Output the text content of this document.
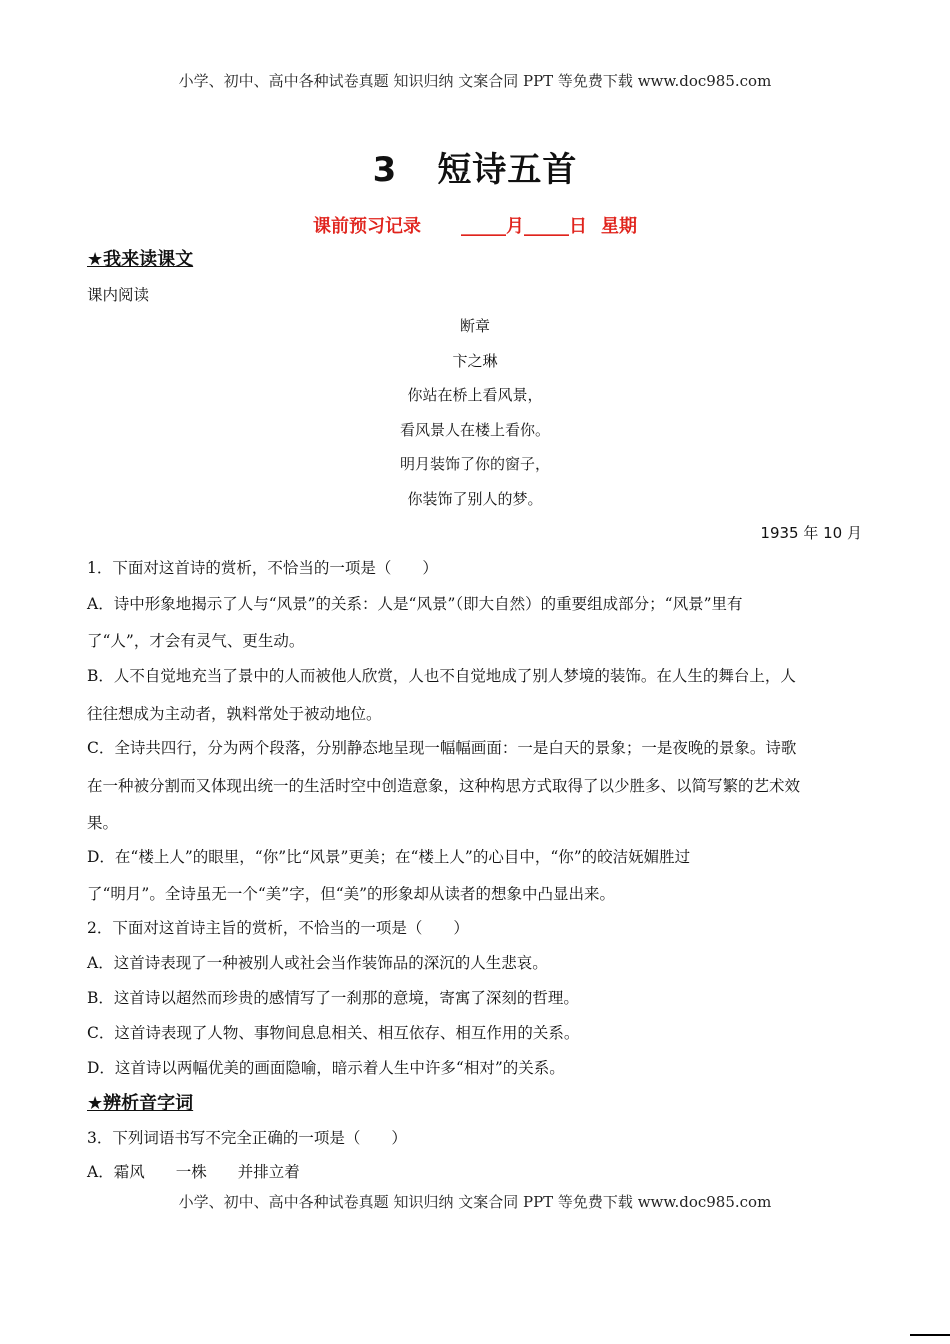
小学、初中、高中各种试卷真题 知识归纳 文案合同 PPT 等免费下载 www.doc985.com
3 短诗五首
课前预习记录 _____月_____日 星期
★我来读课文
课内阅读
断章
卞之琳
你站在桥上看风景，
看风景人在楼上看你。
明月装饰了你的窗子，
你装饰了别人的梦。
1935 年 10 月
1．下面对这首诗的赏析，不恰当的一项是（　　）
A．诗中形象地揭示了人与“风景”的关系：人是“风景”（即大自然）的重要组成部分；“风景”里有
了“人”，才会有灵气、更生动。
B．人不自觉地充当了景中的人而被他人欣赏，人也不自觉地成了别人梦境的装饰。在人生的舞台上，人
往往想成为主动者，孰料常处于被动地位。
C．全诗共四行，分为两个段落，分别静态地呈现一幅幅画面：一是白天的景象；一是夜晚的景象。诗歌
在一种被分割而又体现出统一的生活时空中创造意象，这种构思方式取得了以少胜多、以简写繁的艺术效
果。
D．在“楼上人”的眼里，“你”比“风景”更美；在“楼上人”的心目中，“你”的皎洁妩媚胜过
了“明月”。全诗虽无一个“美”字，但“美”的形象却从读者的想象中凸显出来。
2．下面对这首诗主旨的赏析，不恰当的一项是（　　）
A．这首诗表现了一种被别人或社会当作装饰品的深沉的人生悲哀。
B．这首诗以超然而珍贵的感情写了一刹那的意境，寄寓了深刻的哲理。
C．这首诗表现了人物、事物间息息相关、相互依存、相互作用的关系。
D．这首诗以两幅优美的画面隐喻，暗示着人生中许多“相对”的关系。
★辨析音字词
3．下列词语书写不完全正确的一项是（　　）
A．霜风　　一株　　并排立着
小学、初中、高中各种试卷真题 知识归纳 文案合同 PPT 等免费下载 www.doc985.com
